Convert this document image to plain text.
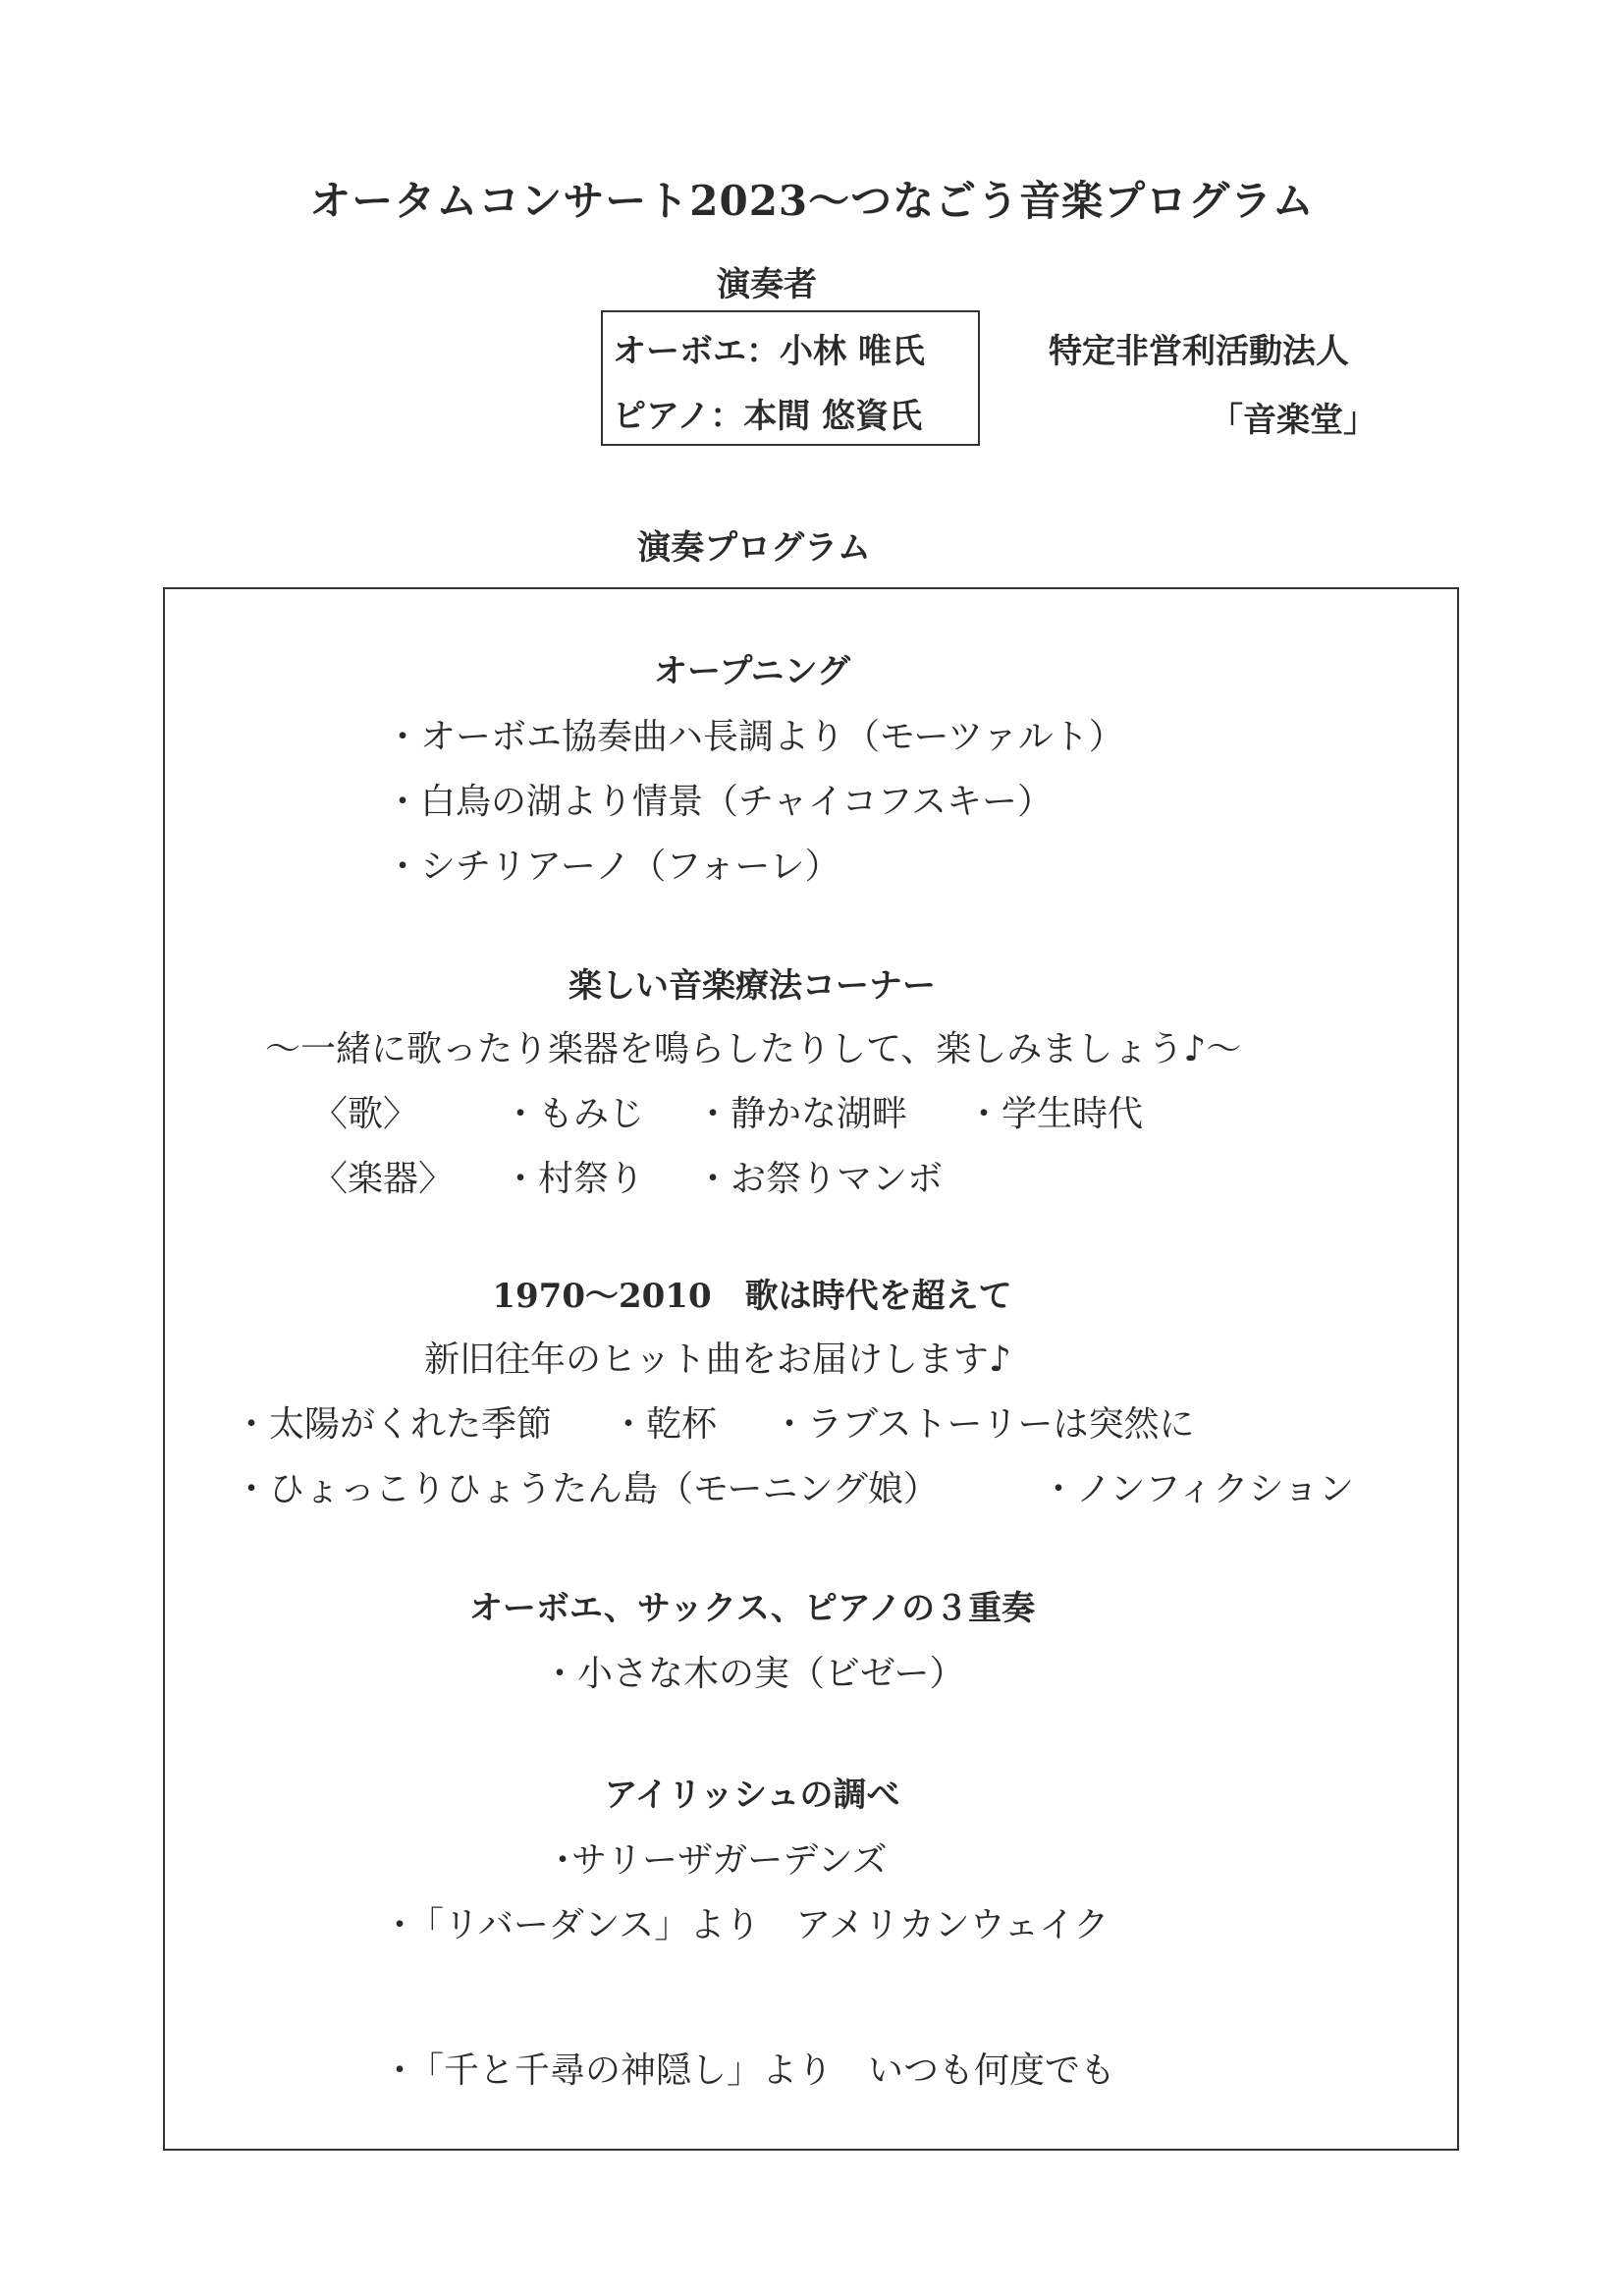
オータムコンサート2023〜つなごう音楽プログラム
演奏者
オーボエ：小林 唯氏
ピアノ：本間 悠資氏
特定非営利活動法人
「音楽堂」
演奏プログラム
オープニング
・オーボエ協奏曲ハ長調より（モーツァルト）
・白鳥の湖より情景（チャイコフスキー）
・シチリアーノ（フォーレ）
楽しい音楽療法コーナー
〜一緒に歌ったり楽器を鳴らしたりして、楽しみましょう♪〜
〈歌〉 ・もみじ ・静かな湖畔 ・学生時代
〈楽器〉 ・村祭り ・お祭りマンボ
1970〜2010　歌は時代を超えて
新旧往年のヒット曲をお届けします♪
・太陽がくれた季節 ・乾杯 ・ラブストーリーは突然に
・ひょっこりひょうたん島（モーニング娘）	・ノンフィクション
オーボエ、サックス、ピアノの３重奏
・小さな木の実（ビゼー）
アイリッシュの調べ
･サリーザガーデンズ
･「リバーダンス」より　アメリカンウェイク
･「千と千尋の神隠し」より　いつも何度でも
